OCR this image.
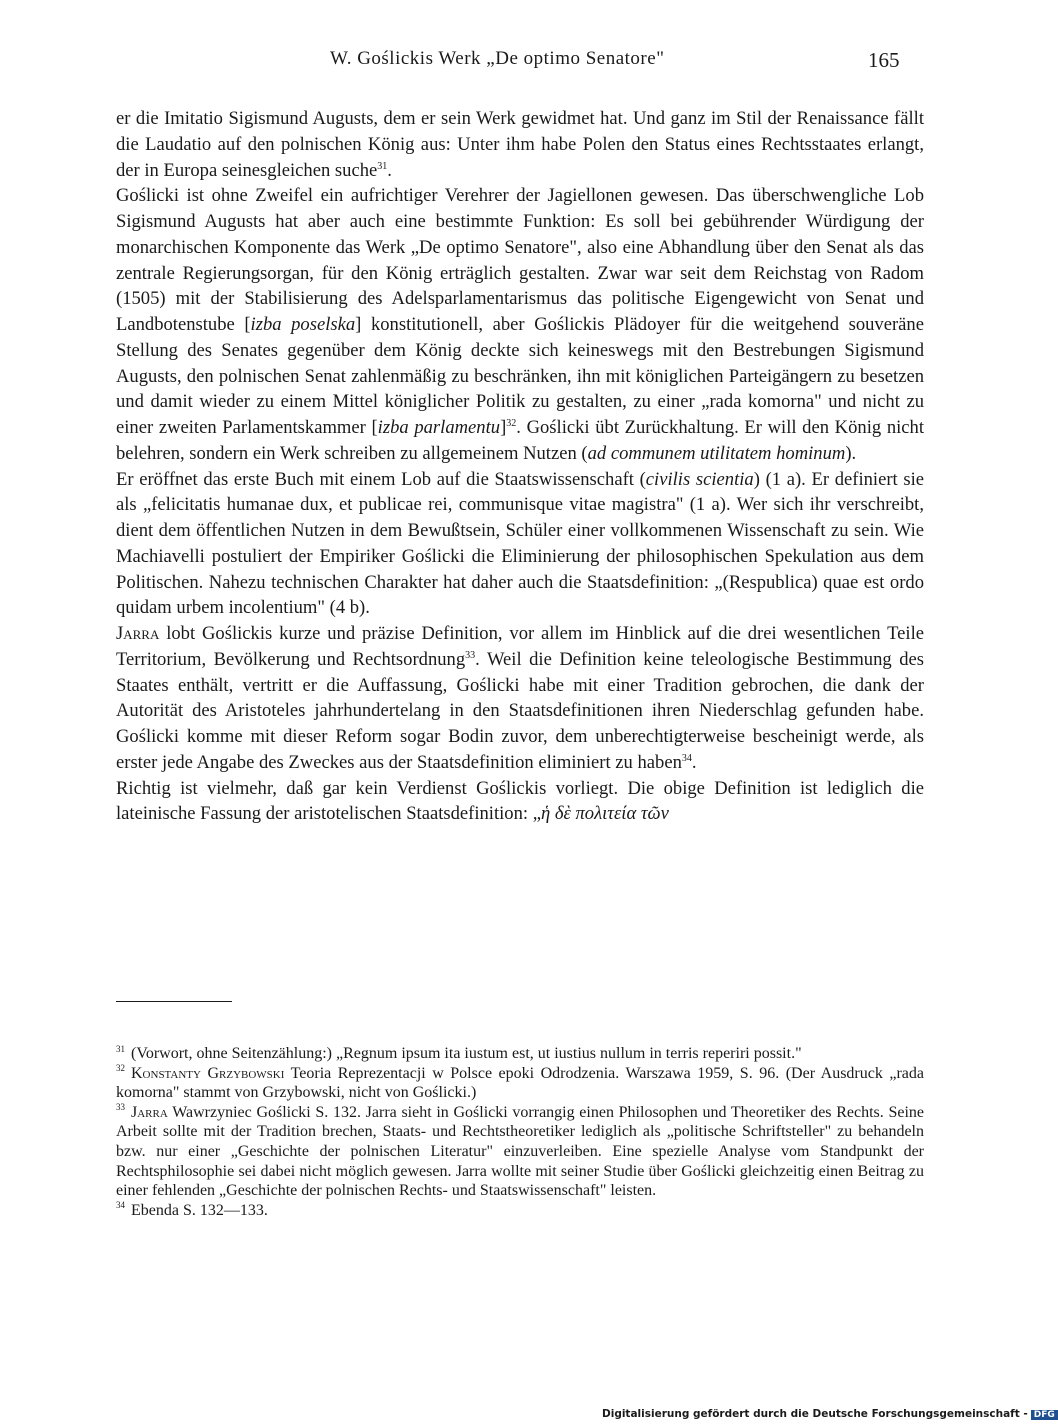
W. Goślickis Werk „De optimo Senatore"	165

er die Imitatio Sigismund Augusts, dem er sein Werk gewidmet hat. Und ganz im Stil der Renaissance fällt die Laudatio auf den polnischen König aus: Unter ihm habe Polen den Status eines Rechtsstaates erlangt, der in Europa seinesgleichen suche$^{31}$.

Goślicki ist ohne Zweifel ein aufrichtiger Verehrer der Jagiellonen gewesen. Das überschwengliche Lob Sigismund Augusts hat aber auch eine bestimmte Funktion: Es soll bei gebührender Würdigung der monarchischen Komponente das Werk „De optimo Senatore", also eine Abhandlung über den Senat als das zentrale Regierungsorgan, für den König erträglich gestalten. Zwar war seit dem Reichstag von Radom (1505) mit der Stabilisierung des Adelsparlamentarismus das politische Eigengewicht von Senat und Landbotenstube [izba poselska] konstitutionell, aber Goślickis Plädoyer für die weitgehend souveräne Stellung des Senates gegenüber dem König deckte sich keineswegs mit den Bestrebungen Sigismund Augusts, den polnischen Senat zahlenmäßig zu beschränken, ihn mit königlichen Parteigängern zu besetzen und damit wieder zu einem Mittel königlicher Politik zu gestalten, zu einer „rada komorna" und nicht zu einer zweiten Parlamentskammer [izba parlamentu]$^{32}$. Goślicki übt Zurückhaltung. Er will den König nicht belehren, sondern ein Werk schreiben zu allgemeinem Nutzen (ad communem utilitatem hominum).

Er eröffnet das erste Buch mit einem Lob auf die Staatswissenschaft (civilis scientia) (1 a). Er definiert sie als „felicitatis humanae dux, et publicae rei, communisque vitae magistra" (1 a). Wer sich ihr verschreibt, dient dem öffentlichen Nutzen in dem Bewußtsein, Schüler einer vollkommenen Wissenschaft zu sein. Wie Machiavelli postuliert der Empiriker Goślicki die Eliminierung der philosophischen Spekulation aus dem Politischen. Nahezu technischen Charakter hat daher auch die Staatsdefinition: „(Respublica) quae est ordo quidam urbem incolentium" (4 b).

Jarra lobt Goślickis kurze und präzise Definition, vor allem im Hinblick auf die drei wesentlichen Teile Territorium, Bevölkerung und Rechtsordnung$^{33}$. Weil die Definition keine teleologische Bestimmung des Staates enthält, vertritt er die Auffassung, Goślicki habe mit einer Tradition gebrochen, die dank der Autorität des Aristoteles jahrhundertelang in den Staatsdefinitionen ihren Niederschlag gefunden habe. Goślicki komme mit dieser Reform sogar Bodin zuvor, dem unberechtigterweise bescheinigt werde, als erster jede Angabe des Zweckes aus der Staatsdefinition eliminiert zu haben$^{34}$.

Richtig ist vielmehr, daß gar kein Verdienst Goślickis vorliegt. Die obige Definition ist lediglich die lateinische Fassung der aristotelischen Staatsdefinition: „ἡ δὲ πολιτεία τῶν

$^{31}$ (Vorwort, ohne Seitenzählung:) „Regnum ipsum ita iustum est, ut iustius nullum in terris reperiri possit."

$^{32}$ Konstanty Grzybowski Teoria Reprezentacji w Polsce epoki Odrodzenia. Warszawa 1959, S. 96. (Der Ausdruck „rada komorna" stammt von Grzybowski, nicht von Goślicki.)

$^{33}$ Jarra Wawrzyniec Goślicki S. 132. Jarra sieht in Goślicki vorrangig einen Philosophen und Theoretiker des Rechts. Seine Arbeit sollte mit der Tradition brechen, Staats- und Rechtstheoretiker lediglich als „politische Schriftsteller" zu behandeln bzw. nur einer „Geschichte der polnischen Literatur" einzuverleiben. Eine spezielle Analyse vom Standpunkt der Rechtsphilosophie sei dabei nicht möglich gewesen. Jarra wollte mit seiner Studie über Goślicki gleichzeitig einen Beitrag zu einer fehlenden „Geschichte der polnischen Rechts- und Staatswissenschaft" leisten.

$^{34}$ Ebenda S. 132—133.

Digitalisierung gefördert durch die Deutsche Forschungsgemeinschaft - DFG
